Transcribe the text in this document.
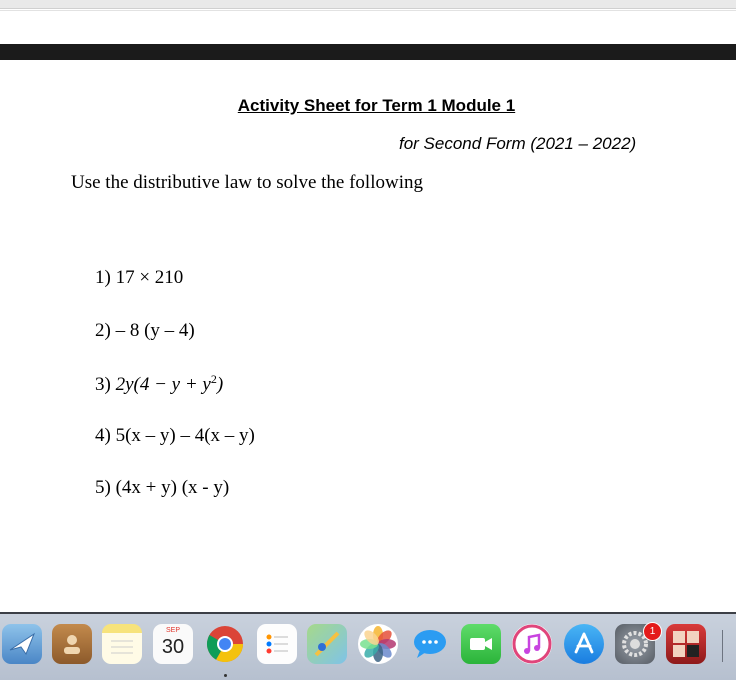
Activity Sheet for Term 1 Module 1
for Second Form (2021 – 2022)
Use the distributive law to solve the following
1) 17 × 210
2) – 8 (y – 4)
3) $2y(4 - y + y^2)$
4) 5(x – y) – 4(x – y)
5) (4x + y) (x - y)
SEP
30
1
